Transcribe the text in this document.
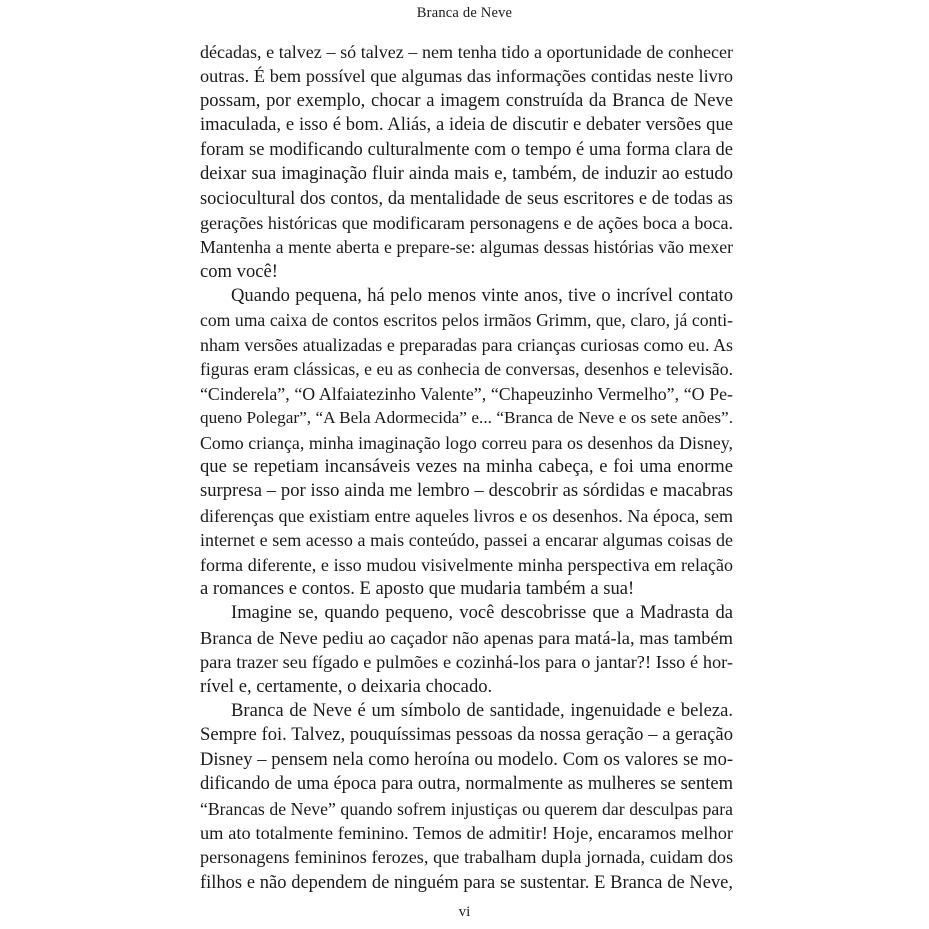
Branca de Neve
décadas, e talvez – só talvez – nem tenha tido a oportunidade de conhecer
outras. É bem possível que algumas das informações contidas neste livro
possam, por exemplo, chocar a imagem construída da Branca de Neve
imaculada, e isso é bom. Aliás, a ideia de discutir e debater versões que
foram se modificando culturalmente com o tempo é uma forma clara de
deixar sua imaginação fluir ainda mais e, também, de induzir ao estudo
sociocultural dos contos, da mentalidade de seus escritores e de todas as
gerações históricas que modificaram personagens e de ações boca a boca.
Mantenha a mente aberta e prepare-se: algumas dessas histórias vão mexer
com você!
Quando pequena, há pelo menos vinte anos, tive o incrível contato
com uma caixa de contos escritos pelos irmãos Grimm, que, claro, já conti-
nham versões atualizadas e preparadas para crianças curiosas como eu. As
figuras eram clássicas, e eu as conhecia de conversas, desenhos e televisão.
“Cinderela”, “O Alfaiatezinho Valente”, “Chapeuzinho Vermelho”, “O Pe-
queno Polegar”, “A Bela Adormecida” e... “Branca de Neve e os sete anões”.
Como criança, minha imaginação logo correu para os desenhos da Disney,
que se repetiam incansáveis vezes na minha cabeça, e foi uma enorme
surpresa – por isso ainda me lembro – descobrir as sórdidas e macabras
diferenças que existiam entre aqueles livros e os desenhos. Na época, sem
internet e sem acesso a mais conteúdo, passei a encarar algumas coisas de
forma diferente, e isso mudou visivelmente minha perspectiva em relação
a romances e contos. E aposto que mudaria também a sua!
Imagine se, quando pequeno, você descobrisse que a Madrasta da
Branca de Neve pediu ao caçador não apenas para matá-la, mas também
para trazer seu fígado e pulmões e cozinhá-los para o jantar?! Isso é hor-
rível e, certamente, o deixaria chocado.
Branca de Neve é um símbolo de santidade, ingenuidade e beleza.
Sempre foi. Talvez, pouquíssimas pessoas da nossa geração – a geração
Disney – pensem nela como heroína ou modelo. Com os valores se mo-
dificando de uma época para outra, normalmente as mulheres se sentem
“Brancas de Neve” quando sofrem injustiças ou querem dar desculpas para
um ato totalmente feminino. Temos de admitir! Hoje, encaramos melhor
personagens femininos ferozes, que trabalham dupla jornada, cuidam dos
filhos e não dependem de ninguém para se sustentar. E Branca de Neve,
vi
